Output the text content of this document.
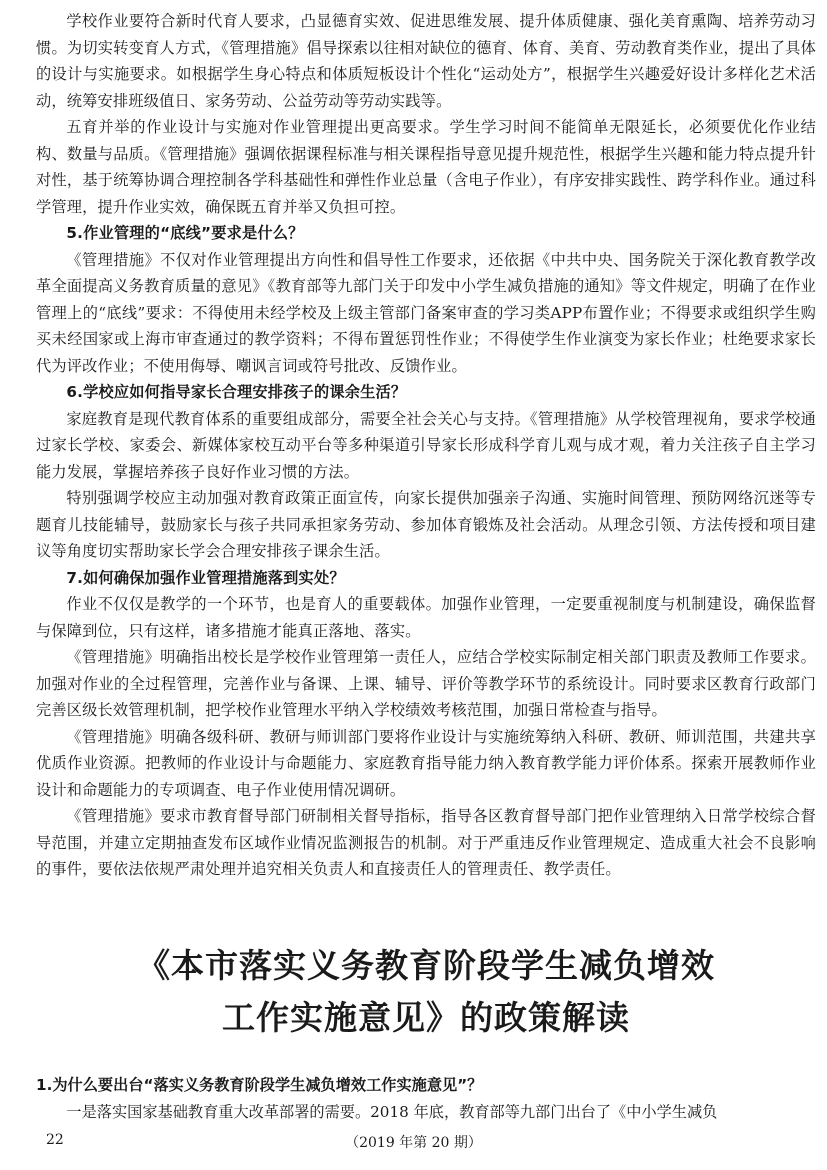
学校作业要符合新时代育人要求，凸显德育实效、促进思维发展、提升体质健康、强化美育熏陶、培养劳动习惯。为切实转变育人方式，《管理措施》倡导探索以往相对缺位的德育、体育、美育、劳动教育类作业，提出了具体的设计与实施要求。如根据学生身心特点和体质短板设计个性化“运动处方”，根据学生兴趣爱好设计多样化艺术活动，统筹安排班级值日、家务劳动、公益劳动等劳动实践等。

五育并举的作业设计与实施对作业管理提出更高要求。学生学习时间不能简单无限延长，必须要优化作业结构、数量与品质。《管理措施》强调依据课程标准与相关课程指导意见提升规范性，根据学生兴趣和能力特点提升针对性，基于统筹协调合理控制各学科基础性和弹性作业总量（含电子作业），有序安排实践性、跨学科作业。通过科学管理，提升作业实效，确保既五育并举又负担可控。

5.作业管理的“底线”要求是什么？

《管理措施》不仅对作业管理提出方向性和倡导性工作要求，还依据《中共中央、国务院关于深化教育教学改革全面提高义务教育质量的意见》《教育部等九部门关于印发中小学生减负措施的通知》等文件规定，明确了在作业管理上的“底线”要求：不得使用未经学校及上级主管部门备案审查的学习类APP布置作业；不得要求或组织学生购买未经国家或上海市审查通过的教学资料；不得布置惩罚性作业；不得使学生作业演变为家长作业；杜绝要求家长代为评改作业；不使用侮辱、嘲讽言词或符号批改、反馈作业。

6.学校应如何指导家长合理安排孩子的课余生活？

家庭教育是现代教育体系的重要组成部分，需要全社会关心与支持。《管理措施》从学校管理视角，要求学校通过家长学校、家委会、新媒体家校互动平台等多种渠道引导家长形成科学育儿观与成才观，着力关注孩子自主学习能力发展，掌握培养孩子良好作业习惯的方法。

特别强调学校应主动加强对教育政策正面宣传，向家长提供加强亲子沟通、实施时间管理、预防网络沉迷等专题育儿技能辅导，鼓励家长与孩子共同承担家务劳动、参加体育锻炼及社会活动。从理念引领、方法传授和项目建议等角度切实帮助家长学会合理安排孩子课余生活。

7.如何确保加强作业管理措施落到实处？

作业不仅仅是教学的一个环节，也是育人的重要载体。加强作业管理，一定要重视制度与机制建设，确保监督与保障到位，只有这样，诸多措施才能真正落地、落实。

《管理措施》明确指出校长是学校作业管理第一责任人，应结合学校实际制定相关部门职责及教师工作要求。加强对作业的全过程管理，完善作业与备课、上课、辅导、评价等教学环节的系统设计。同时要求区教育行政部门完善区级长效管理机制，把学校作业管理水平纳入学校绩效考核范围，加强日常检查与指导。

《管理措施》明确各级科研、教研与师训部门要将作业设计与实施统筹纳入科研、教研、师训范围，共建共享优质作业资源。把教师的作业设计与命题能力、家庭教育指导能力纳入教育教学能力评价体系。探索开展教师作业设计和命题能力的专项调查、电子作业使用情况调研。

《管理措施》要求市教育督导部门研制相关督导指标，指导各区教育督导部门把作业管理纳入日常学校综合督导范围，并建立定期抽查发布区域作业情况监测报告的机制。对于严重违反作业管理规定、造成重大社会不良影响的事件，要依法依规严肃处理并追究相关负责人和直接责任人的管理责任、教学责任。

《本市落实义务教育阶段学生减负增效
工作实施意见》的政策解读
1.为什么要出台“落实义务教育阶段学生减负增效工作实施意见”？

一是落实国家基础教育重大改革部署的需要。2018 年底，教育部等九部门出台了《中小学生减负

22	（2019 年第 20 期）
